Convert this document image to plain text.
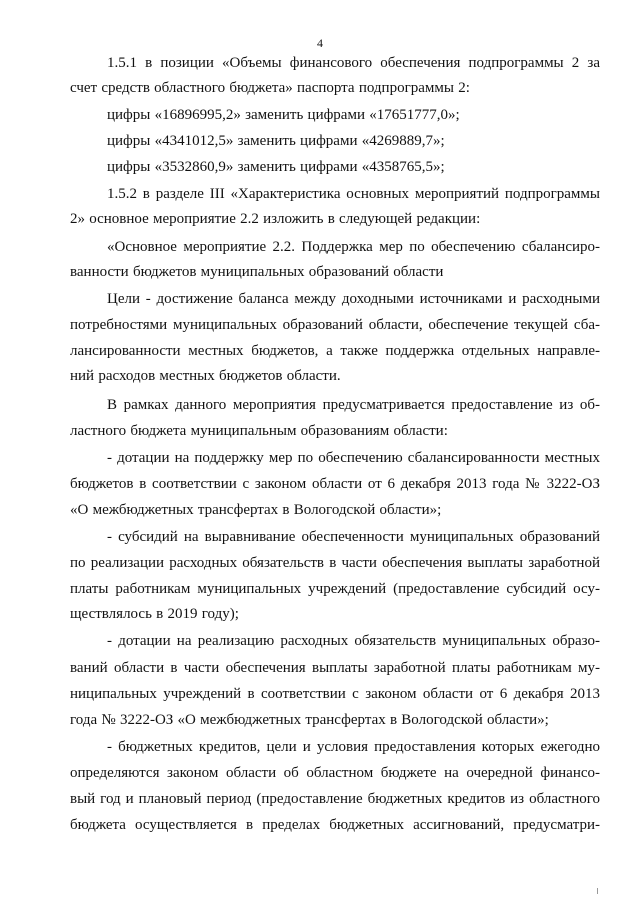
4
1.5.1 в позиции «Объемы финансового обеспечения подпрограммы 2 за
счет средств областного бюджета» паспорта подпрограммы 2:
цифры «16896995,2» заменить цифрами «17651777,0»;
цифры «4341012,5» заменить цифрами «4269889,7»;
цифры «3532860,9» заменить цифрами «4358765,5»;
1.5.2 в разделе III «Характеристика основных мероприятий подпрограммы
2» основное мероприятие 2.2 изложить в следующей редакции:
«Основное мероприятие 2.2. Поддержка мер по обеспечению сбалансиро-
ванности бюджетов муниципальных образований области
Цели - достижение баланса между доходными источниками и расходными
потребностями муниципальных образований области, обеспечение текущей сба-
лансированности местных бюджетов, а также поддержка отдельных направле-
ний расходов местных бюджетов области.
В рамках данного мероприятия предусматривается предоставление из об-
ластного бюджета муниципальным образованиям области:
- дотации на поддержку мер по обеспечению сбалансированности местных
бюджетов в соответствии с законом области от 6 декабря 2013 года № 3222-ОЗ
«О межбюджетных трансфертах в Вологодской области»;
- субсидий на выравнивание обеспеченности муниципальных образований
по реализации расходных обязательств в части обеспечения выплаты заработной
платы работникам муниципальных учреждений (предоставление субсидий осу-
ществлялось в 2019 году);
- дотации на реализацию расходных обязательств муниципальных образо-
ваний области в части обеспечения выплаты заработной платы работникам му-
ниципальных учреждений в соответствии с законом области от 6 декабря 2013
года № 3222-ОЗ «О межбюджетных трансфертах в Вологодской области»;
- бюджетных кредитов, цели и условия предоставления которых ежегодно
определяются законом области об областном бюджете на очередной финансо-
вый год и плановый период (предоставление бюджетных кредитов из областного
бюджета осуществляется в пределах бюджетных ассигнований, предусматри-
